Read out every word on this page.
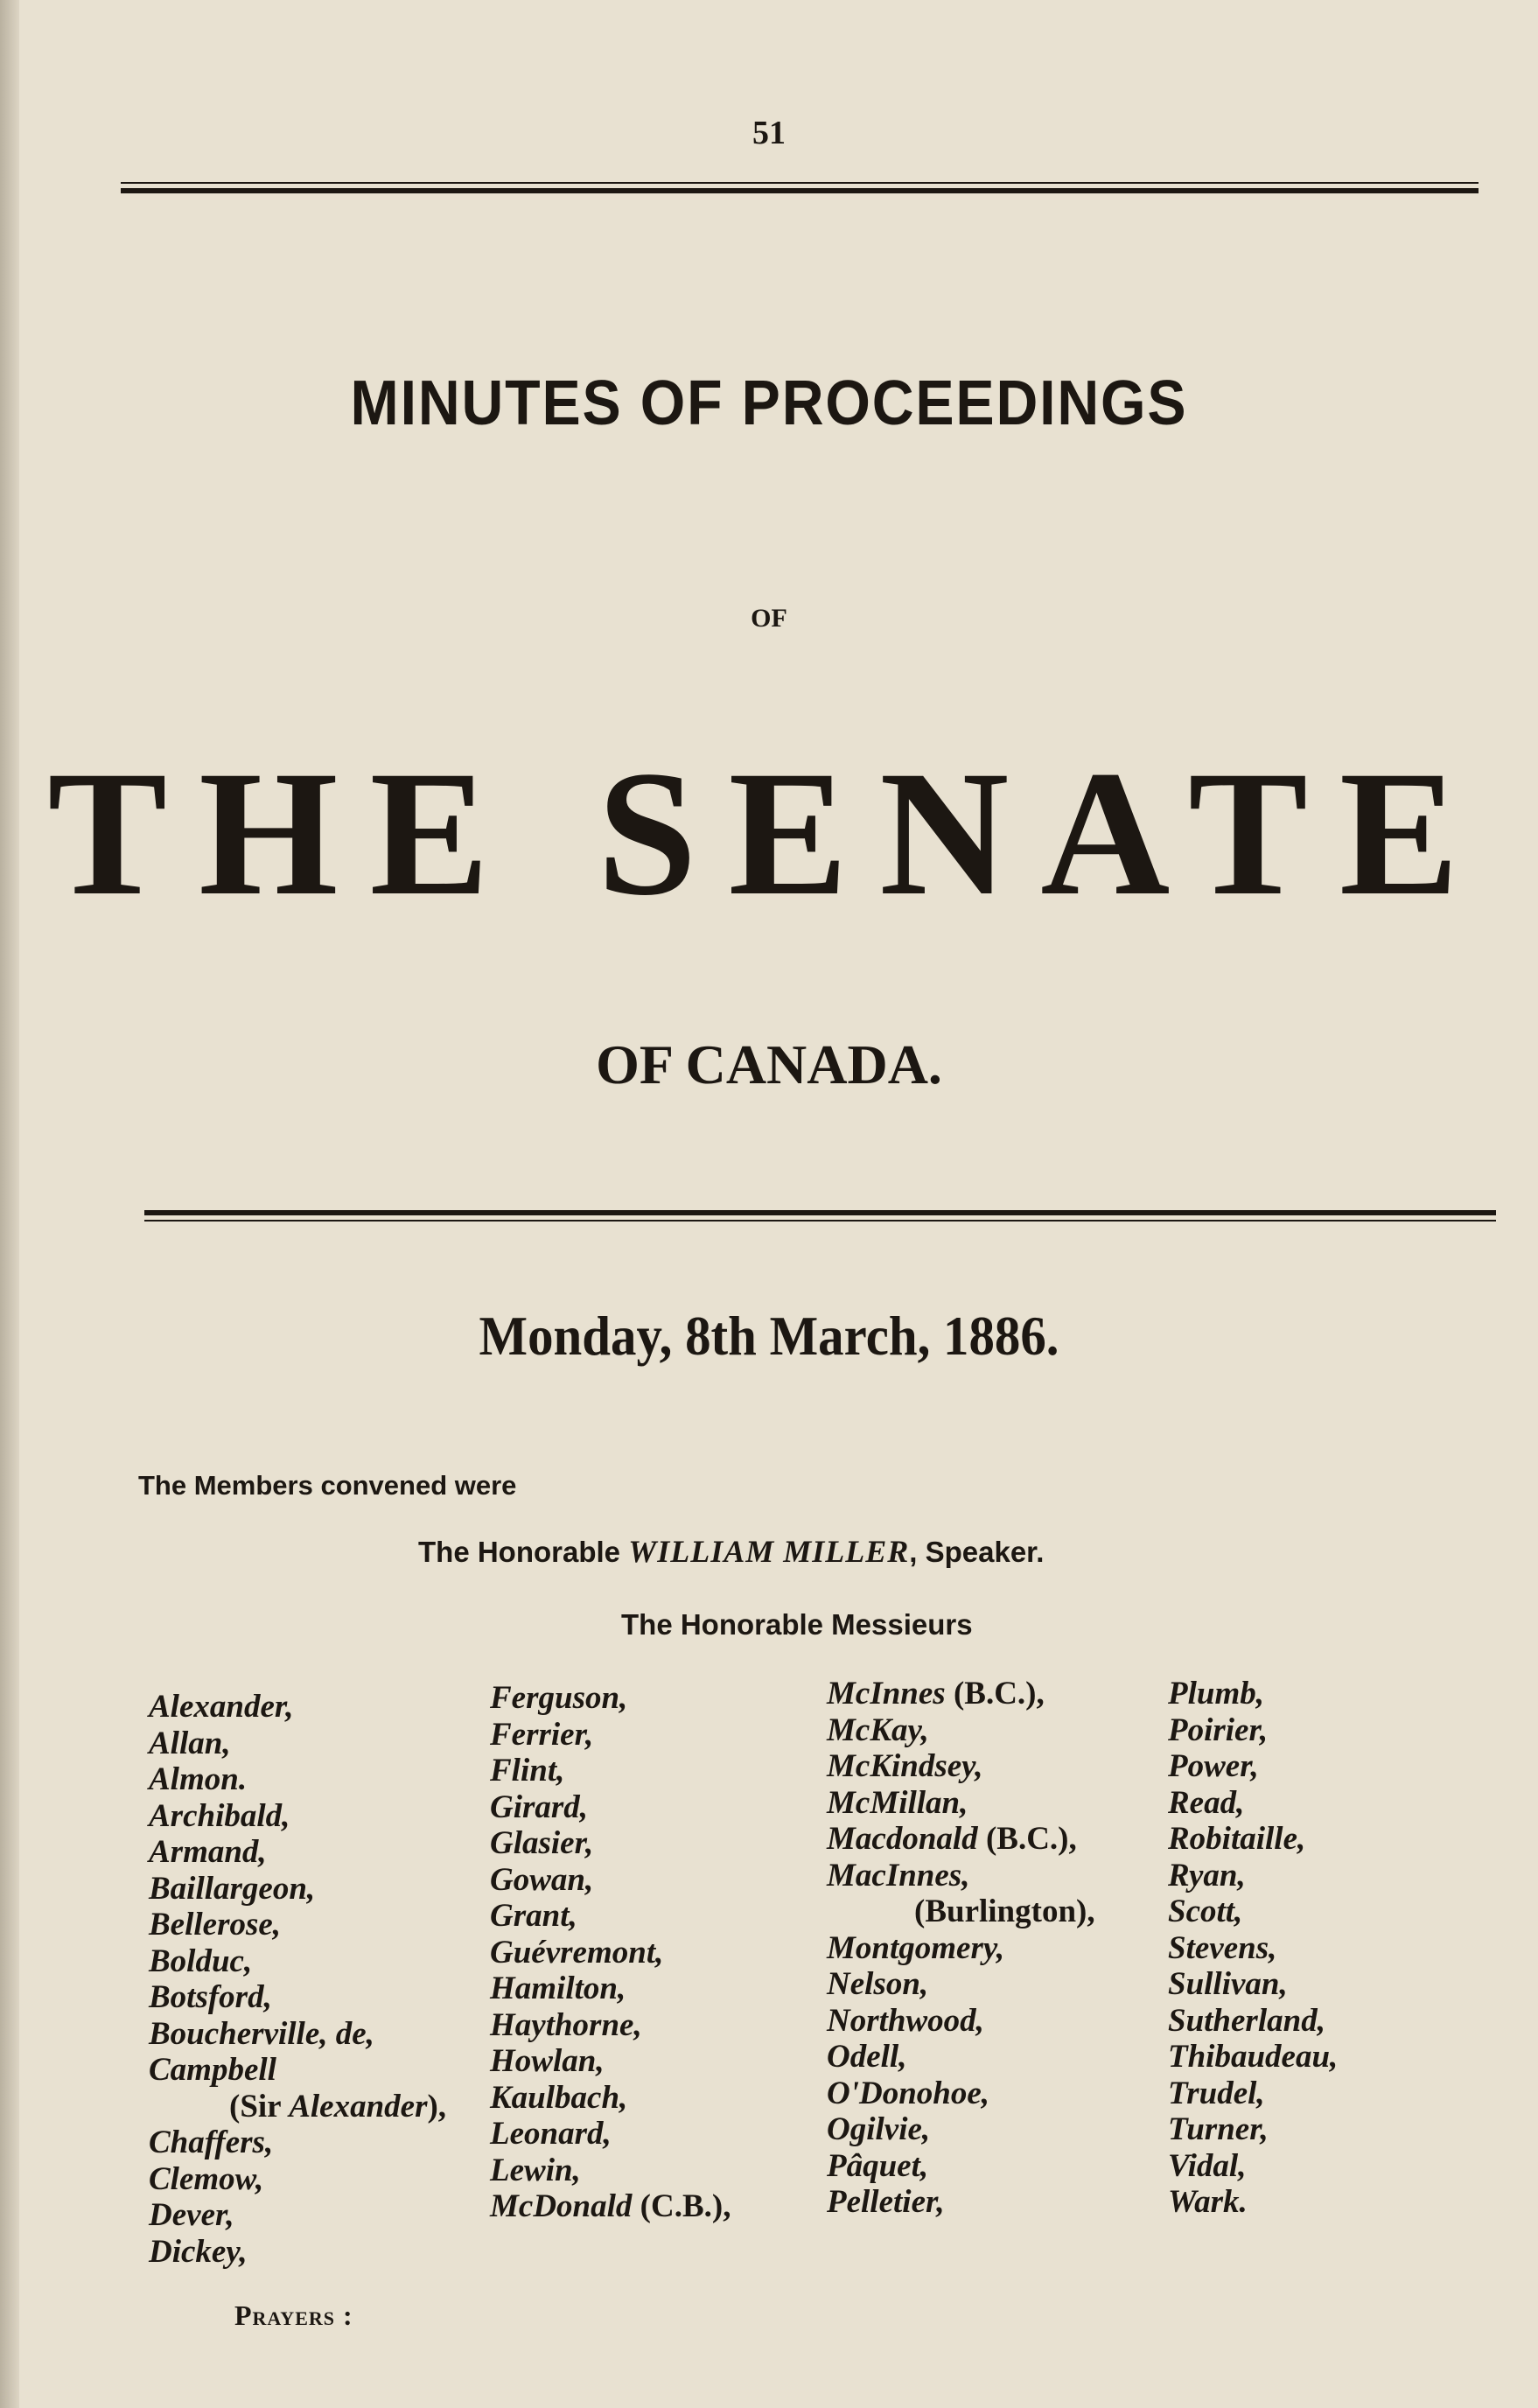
51
MINUTES OF PROCEEDINGS
OF
THE SENATE
OF CANADA.
Monday, 8th March, 1886.
The Members convened were
The Honorable WILLIAM MILLER, Speaker.
The Honorable Messieurs
Alexander,
Allan,
Almon.
Archibald,
Armand,
Baillargeon,
Bellerose,
Bolduc,
Botsford,
Boucherville, de,
Campbell
(Sir Alexander),
Chaffers,
Clemow,
Dever,
Dickey,
Ferguson,
Ferrier,
Flint,
Girard,
Glasier,
Gowan,
Grant,
Guévremont,
Hamilton,
Haythorne,
Howlan,
Kaulbach,
Leonard,
Lewin,
McDonald (C.B.),
McInnes (B.C.),
McKay,
McKindsey,
McMillan,
Macdonald (B.C.),
MacInnes,
(Burlington),
Montgomery,
Nelson,
Northwood,
Odell,
O'Donohoe,
Ogilvie,
Pâquet,
Pelletier,
Plumb,
Poirier,
Power,
Read,
Robitaille,
Ryan,
Scott,
Stevens,
Sullivan,
Sutherland,
Thibaudeau,
Trudel,
Turner,
Vidal,
Wark.
Prayers :
